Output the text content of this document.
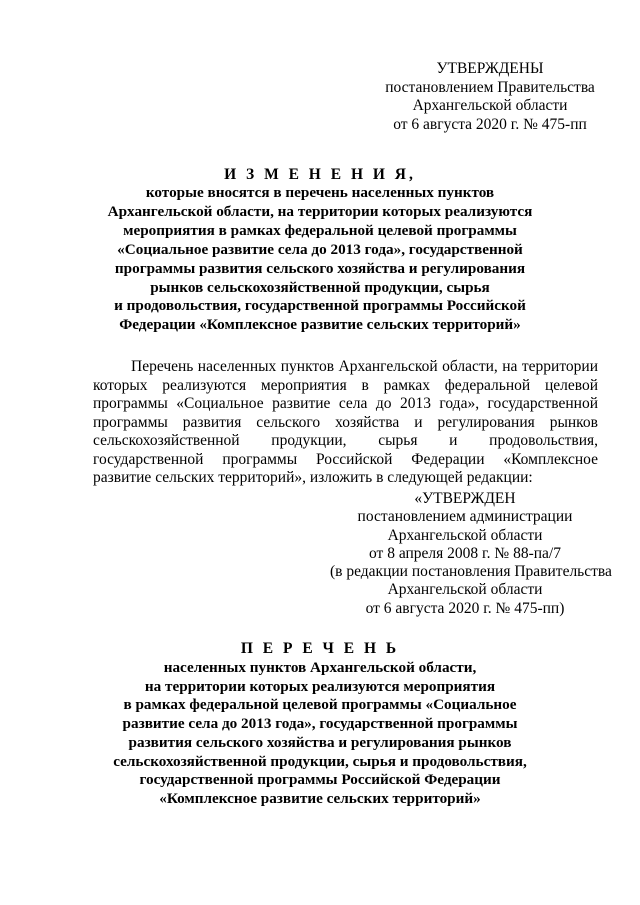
УТВЕРЖДЕНЫ
постановлением Правительства
Архангельской области
от 6 августа 2020 г. № 475-пп
И З М Е Н Е Н И Я,
которые вносятся в перечень населенных пунктов
Архангельской области, на территории которых реализуются
мероприятия в рамках федеральной целевой программы
«Социальное развитие села до 2013 года», государственной
программы развития сельского хозяйства и регулирования
рынков сельскохозяйственной продукции, сырья
и продовольствия, государственной программы Российской
Федерации «Комплексное развитие сельских территорий»
Перечень населенных пунктов Архангельской области, на территории которых реализуются мероприятия в рамках федеральной целевой программы «Социальное развитие села до 2013 года», государственной программы развития сельского хозяйства и регулирования рынков сельскохозяйственной продукции, сырья и продовольствия, государственной программы Российской Федерации «Комплексное развитие сельских территорий», изложить в следующей редакции:
«УТВЕРЖДЕН
постановлением администрации
Архангельской области
от 8 апреля 2008 г. № 88-па/7
(в редакции постановления Правительства
Архангельской области
от 6 августа 2020 г. № 475-пп)
П Е Р Е Ч Е Н Ь
населенных пунктов Архангельской области,
на территории которых реализуются мероприятия
в рамках федеральной целевой программы «Социальное
развитие села до 2013 года», государственной программы
развития сельского хозяйства и регулирования рынков
сельскохозяйственной продукции, сырья и продовольствия,
государственной программы Российской Федерации
«Комплексное развитие сельских территорий»
